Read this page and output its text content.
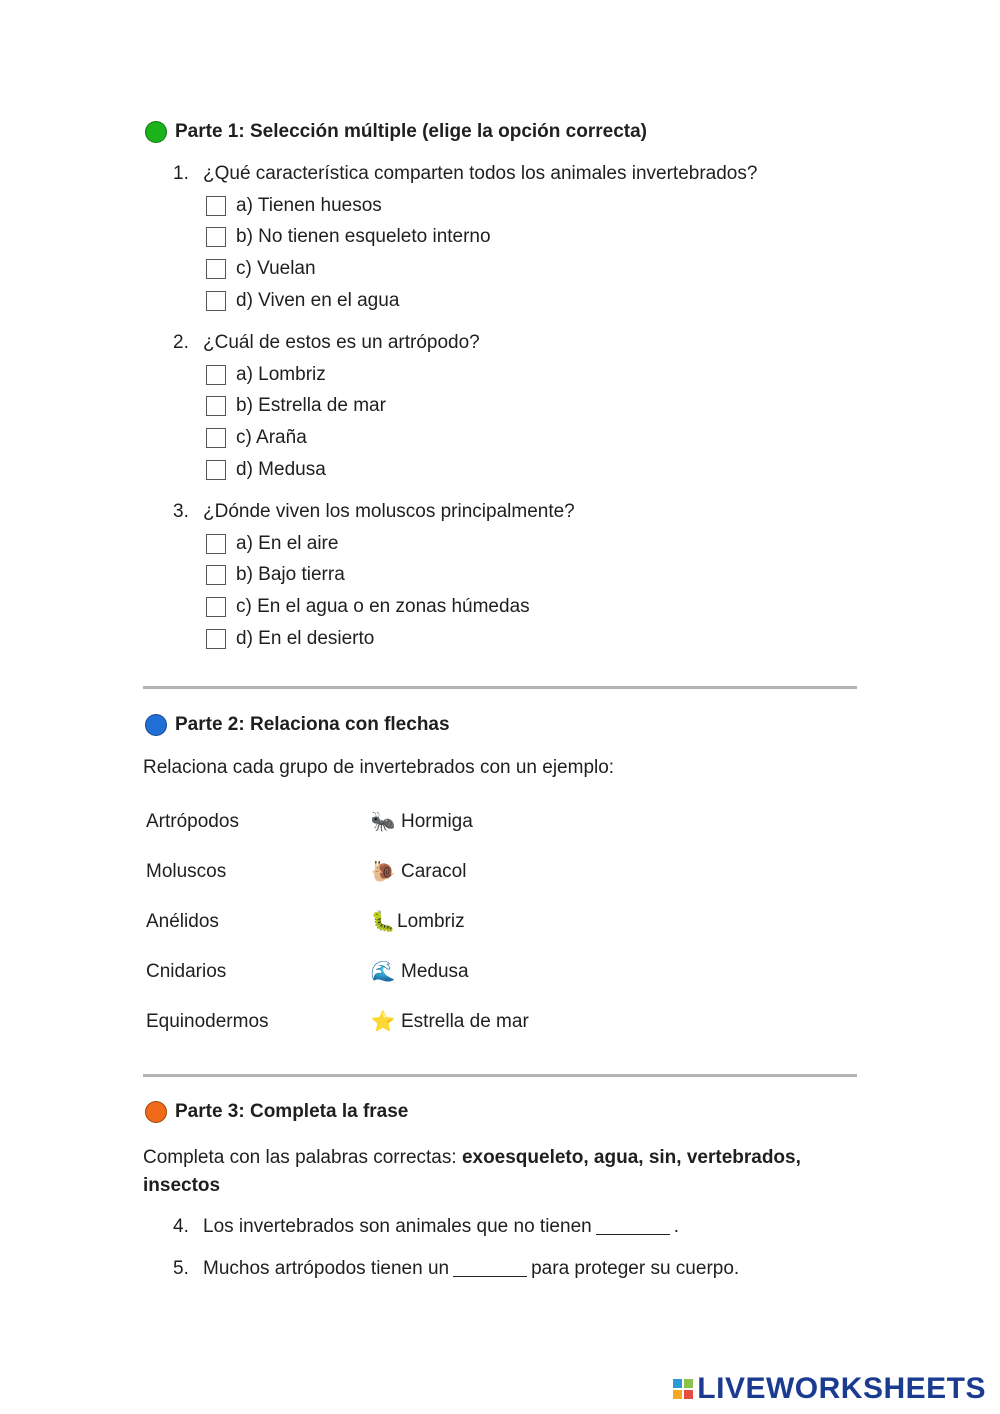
Parte 1: Selección múltiple (elige la opción correcta)
1. ¿Qué característica comparten todos los animales invertebrados?
a) Tienen huesos
b) No tienen esqueleto interno
c) Vuelan
d) Viven en el agua
2. ¿Cuál de estos es un artrópodo?
a) Lombriz
b) Estrella de mar
c) Araña
d) Medusa
3. ¿Dónde viven los moluscos principalmente?
a) En el aire
b) Bajo tierra
c) En el agua o en zonas húmedas
d) En el desierto
Parte 2: Relaciona con flechas
Relaciona cada grupo de invertebrados con un ejemplo:
Artrópodos	🐜 Hormiga
Moluscos	🐌 Caracol
Anélidos	🐛 Lombriz
Cnidarios	🌊 Medusa
Equinodermos	⭐ Estrella de mar
Parte 3: Completa la frase
Completa con las palabras correctas: exoesqueleto, agua, sin, vertebrados, insectos
4. Los invertebrados son animales que no tienen	.
5. Muchos artrópodos tienen un	para proteger su cuerpo.
LIVEWORKSHEETS
